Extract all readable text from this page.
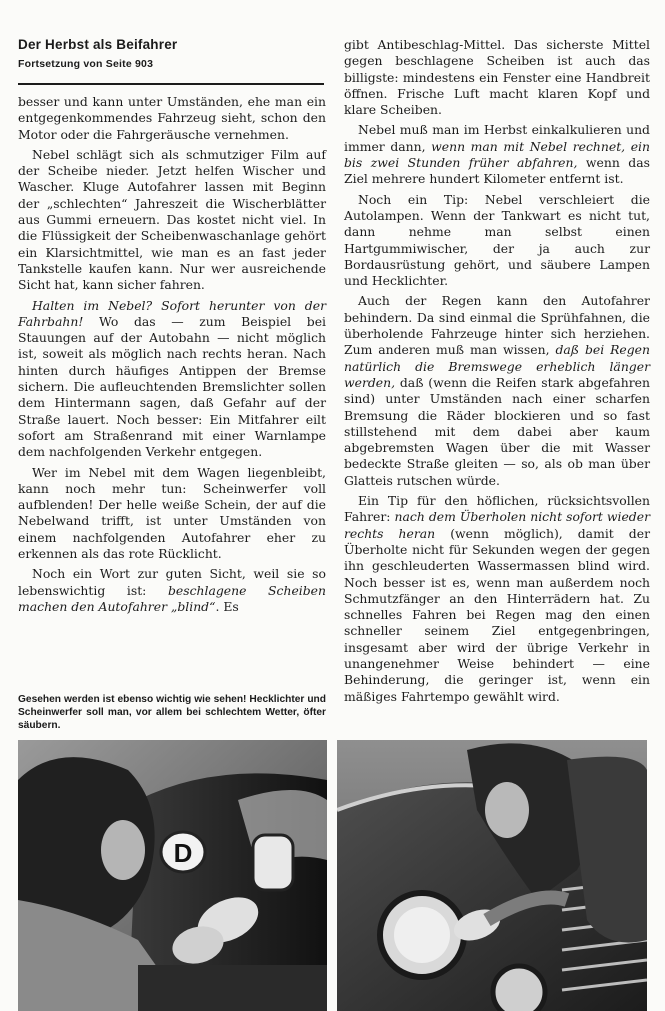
Der Herbst als Beifahrer
Fortsetzung von Seite 903

besser und kann unter Umständen, ehe man ein entgegenkommendes Fahrzeug sieht, schon den Motor oder die Fahrgeräusche vernehmen.

Nebel schlägt sich als schmutziger Film auf der Scheibe nieder. Jetzt helfen Wischer und Wascher. Kluge Autofahrer lassen mit Beginn der „schlechten“ Jahreszeit die Wischerblätter aus Gummi erneuern. Das kostet nicht viel. In die Flüssigkeit der Scheibenwaschanlage gehört ein Klarsichtmittel, wie man es an fast jeder Tankstelle kaufen kann. Nur wer ausreichende Sicht hat, kann sicher fahren.

Halten im Nebel? Sofort herunter von der Fahrbahn! Wo das — zum Beispiel bei Stauungen auf der Autobahn — nicht möglich ist, soweit als möglich nach rechts heran. Nach hinten durch häufiges Antippen der Bremse sichern. Die aufleuchtenden Bremslichter sollen dem Hintermann sagen, daß Gefahr auf der Straße lauert. Noch besser: Ein Mitfahrer eilt sofort am Straßenrand mit einer Warnlampe dem nachfolgenden Verkehr entgegen.

Wer im Nebel mit dem Wagen liegenbleibt, kann noch mehr tun: Scheinwerfer voll aufblenden! Der helle weiße Schein, der auf die Nebelwand trifft, ist unter Umständen von einem nachfolgenden Autofahrer eher zu erkennen als das rote Rücklicht.

Noch ein Wort zur guten Sicht, weil sie so lebenswichtig ist: beschlagene Scheiben machen den Autofahrer „blind“. Es

gibt Antibeschlag-Mittel. Das sicherste Mittel gegen beschlagene Scheiben ist auch das billigste: mindestens ein Fenster eine Handbreit öffnen. Frische Luft macht klaren Kopf und klare Scheiben.

Nebel muß man im Herbst einkalkulieren und immer dann, wenn man mit Nebel rechnet, ein bis zwei Stunden früher abfahren, wenn das Ziel mehrere hundert Kilometer entfernt ist.

Noch ein Tip: Nebel verschleiert die Autolampen. Wenn der Tankwart es nicht tut, dann nehme man selbst einen Hartgummiwischer, der ja auch zur Bordausrüstung gehört, und säubere Lampen und Hecklichter.

Auch der Regen kann den Autofahrer behindern. Da sind einmal die Sprühfahnen, die überholende Fahrzeuge hinter sich herziehen. Zum anderen muß man wissen, daß bei Regen natürlich die Bremswege erheblich länger werden, daß (wenn die Reifen stark abgefahren sind) unter Umständen nach einer scharfen Bremsung die Räder blockieren und so fast stillstehend mit dem dabei aber kaum abgebremsten Wagen über die mit Wasser bedeckte Straße gleiten — so, als ob man über Glatteis rutschen würde.

Ein Tip für den höflichen, rücksichtsvollen Fahrer: nach dem Überholen nicht sofort wieder rechts heran (wenn möglich), damit der Überholte nicht für Sekunden wegen der gegen ihn geschleuderten Wassermassen blind wird. Noch besser ist es, wenn man außerdem noch Schmutzfänger an den Hinterrädern hat. Zu schnelles Fahren bei Regen mag den einen schneller seinem Ziel entgegenbringen, insgesamt aber wird der übrige Verkehr in unangenehmer Weise behindert — eine Behinderung, die geringer ist, wenn ein mäßiges Fahrtempo gewählt wird.

Gesehen werden ist ebenso wichtig wie sehen! Hecklichter und Scheinwerfer soll man, vor allem bei schlechtem Wetter, öfter säubern.
D
